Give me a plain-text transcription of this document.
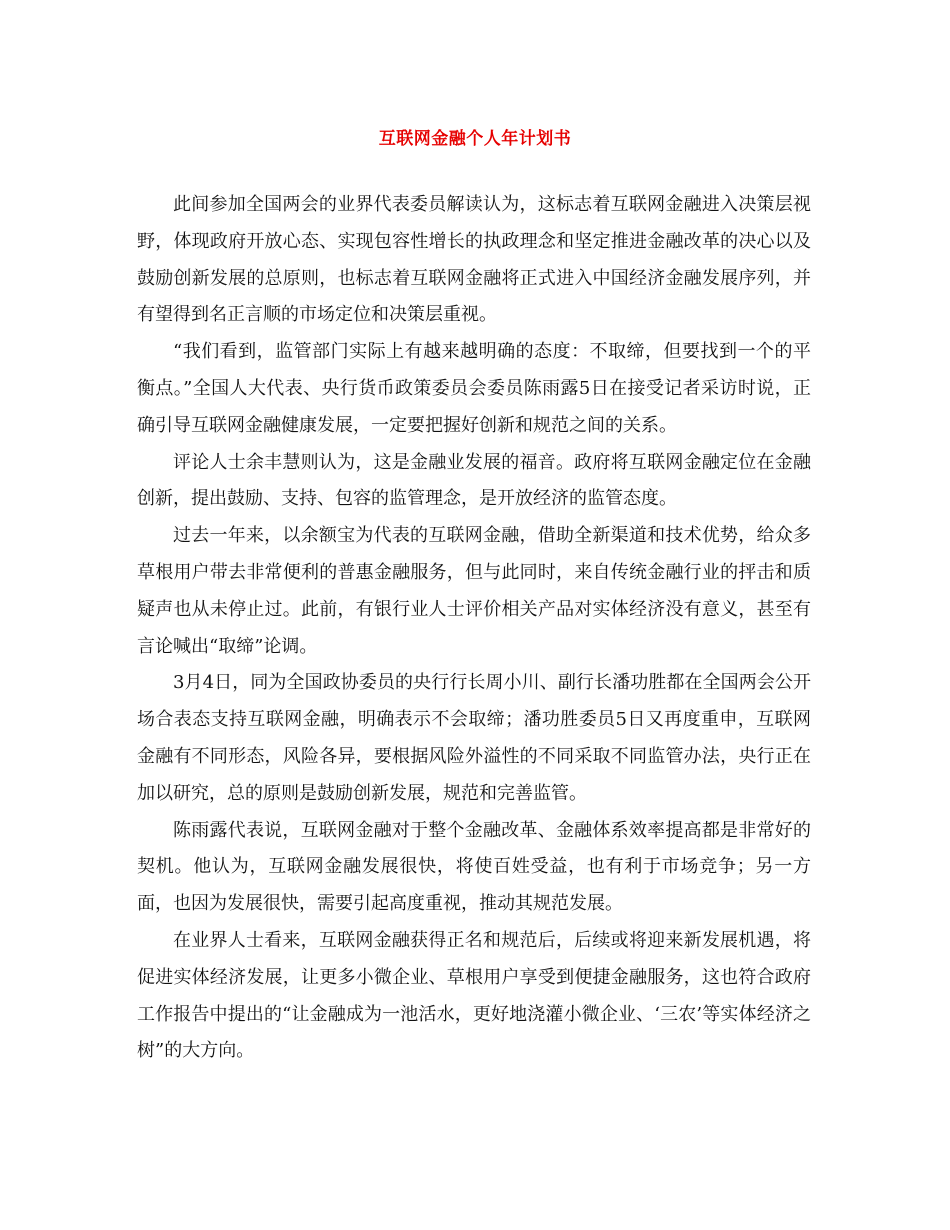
互联网金融个人年计划书

此间参加全国两会的业界代表委员解读认为，这标志着互联网金融进入决策层视野，体现政府开放心态、实现包容性增长的执政理念和坚定推进金融改革的决心以及鼓励创新发展的总原则，也标志着互联网金融将正式进入中国经济金融发展序列，并有望得到名正言顺的市场定位和决策层重视。

“我们看到，监管部门实际上有越来越明确的态度：不取缔，但要找到一个的平衡点。”全国人大代表、央行货币政策委员会委员陈雨露5日在接受记者采访时说，正确引导互联网金融健康发展，一定要把握好创新和规范之间的关系。

评论人士余丰慧则认为，这是金融业发展的福音。政府将互联网金融定位在金融创新，提出鼓励、支持、包容的监管理念，是开放经济的监管态度。

过去一年来，以余额宝为代表的互联网金融，借助全新渠道和技术优势，给众多草根用户带去非常便利的普惠金融服务，但与此同时，来自传统金融行业的抨击和质疑声也从未停止过。此前，有银行业人士评价相关产品对实体经济没有意义，甚至有言论喊出“取缔”论调。

3月4日，同为全国政协委员的央行行长周小川、副行长潘功胜都在全国两会公开场合表态支持互联网金融，明确表示不会取缔；潘功胜委员5日又再度重申，互联网金融有不同形态，风险各异，要根据风险外溢性的不同采取不同监管办法，央行正在加以研究，总的原则是鼓励创新发展，规范和完善监管。

陈雨露代表说，互联网金融对于整个金融改革、金融体系效率提高都是非常好的契机。他认为，互联网金融发展很快，将使百姓受益，也有利于市场竞争；另一方面，也因为发展很快，需要引起高度重视，推动其规范发展。

在业界人士看来，互联网金融获得正名和规范后，后续或将迎来新发展机遇，将促进实体经济发展，让更多小微企业、草根用户享受到便捷金融服务，这也符合政府工作报告中提出的“让金融成为一池活水，更好地浇灌小微企业、‘三农’等实体经济之树”的大方向。
